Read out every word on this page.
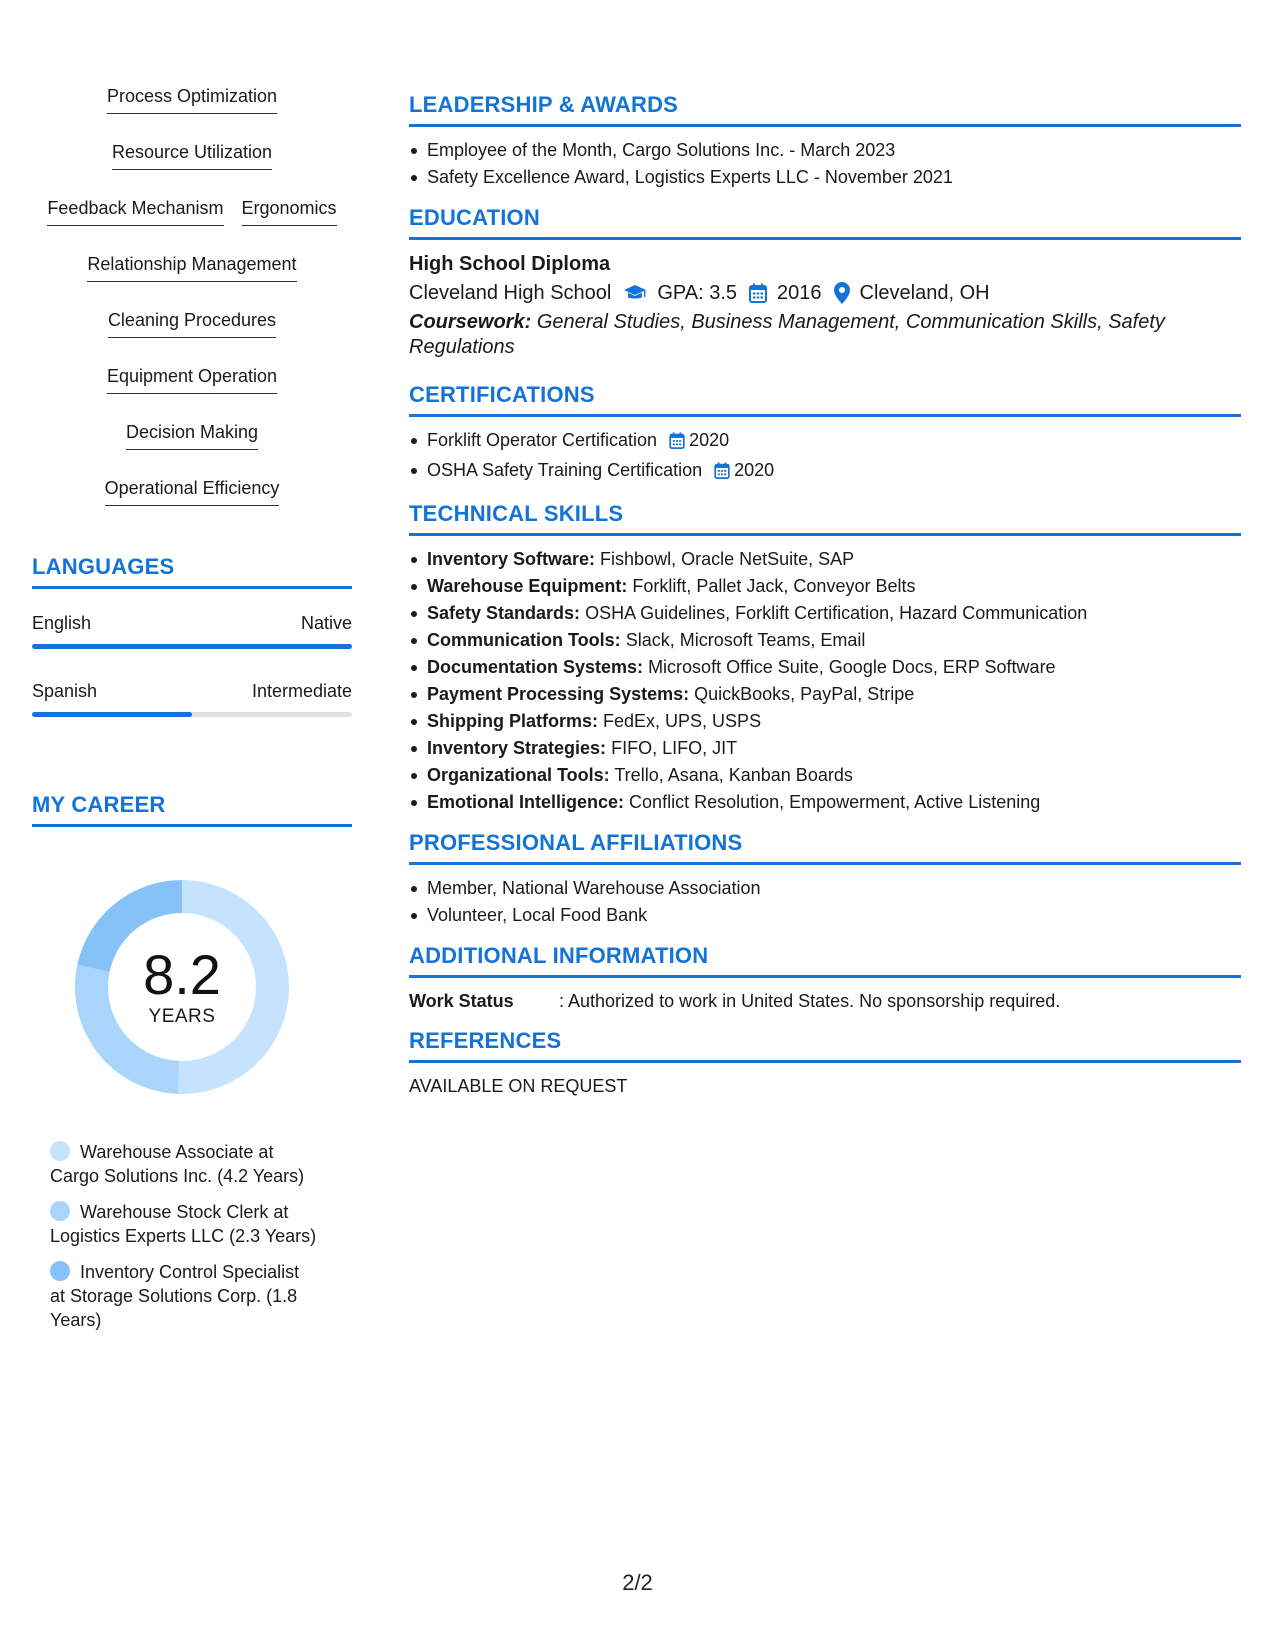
Process Optimization
Resource Utilization
Feedback Mechanism Ergonomics
Relationship Management
Cleaning Procedures
Equipment Operation
Decision Making
Operational Efficiency
LANGUAGES
English	Native
Spanish	Intermediate
MY CAREER
8.2
YEARS
Warehouse Associate at Cargo Solutions Inc. (4.2 Years)
Warehouse Stock Clerk at Logistics Experts LLC (2.3 Years)
Inventory Control Specialist at Storage Solutions Corp. (1.8 Years)
LEADERSHIP & AWARDS
Employee of the Month, Cargo Solutions Inc. - March 2023
Safety Excellence Award, Logistics Experts LLC - November 2021
EDUCATION
High School Diploma
Cleveland High School GPA: 3.5 2016 Cleveland, OH
Coursework: General Studies, Business Management, Communication Skills, Safety Regulations
CERTIFICATIONS
Forklift Operator Certification 2020
OSHA Safety Training Certification 2020
TECHNICAL SKILLS
Inventory Software: Fishbowl, Oracle NetSuite, SAP
Warehouse Equipment: Forklift, Pallet Jack, Conveyor Belts
Safety Standards: OSHA Guidelines, Forklift Certification, Hazard Communication
Communication Tools: Slack, Microsoft Teams, Email
Documentation Systems: Microsoft Office Suite, Google Docs, ERP Software
Payment Processing Systems: QuickBooks, PayPal, Stripe
Shipping Platforms: FedEx, UPS, USPS
Inventory Strategies: FIFO, LIFO, JIT
Organizational Tools: Trello, Asana, Kanban Boards
Emotional Intelligence: Conflict Resolution, Empowerment, Active Listening
PROFESSIONAL AFFILIATIONS
Member, National Warehouse Association
Volunteer, Local Food Bank
ADDITIONAL INFORMATION
Work Status	: Authorized to work in United States. No sponsorship required.
REFERENCES
AVAILABLE ON REQUEST
2/2
